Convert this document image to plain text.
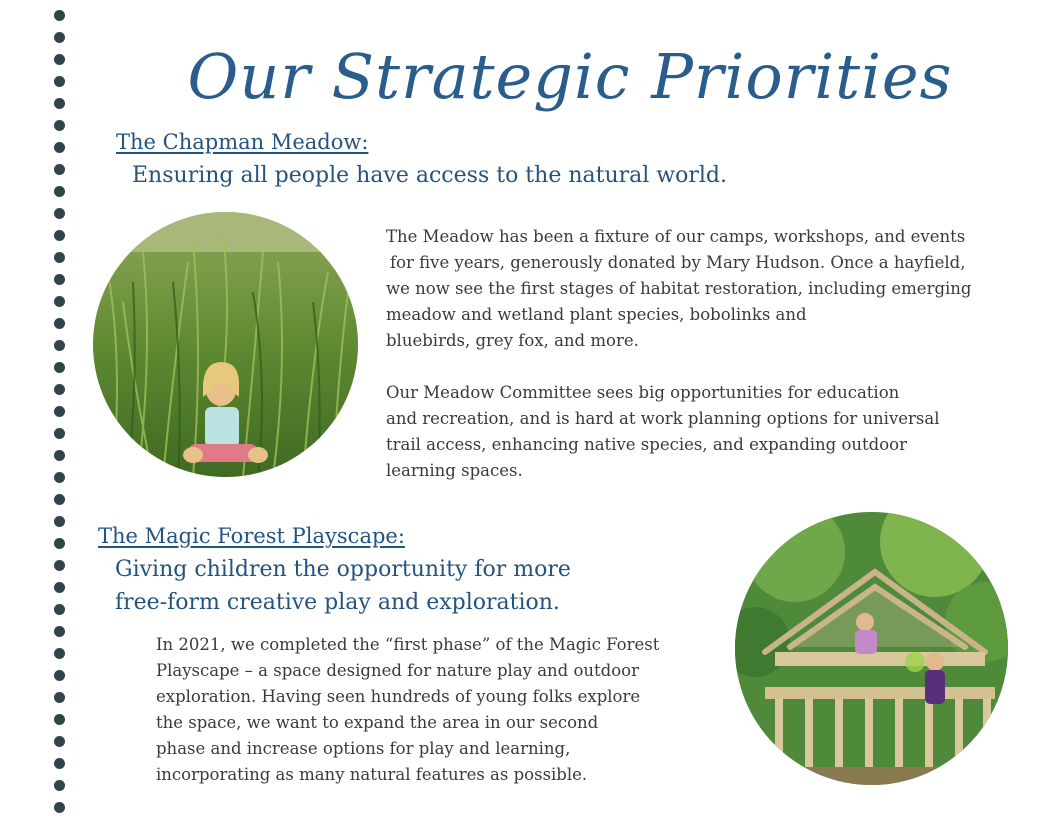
Our Strategic Priorities
The Chapman Meadow:
Ensuring all people have access to the natural world.

The Meadow has been a fixture of our camps, workshops, and events

for five years, generously donated by Mary Hudson. Once a hayfield,

we now see the first stages of habitat restoration, including emerging

meadow and wetland plant species, bobolinks and

bluebirds, grey fox, and more.

Our Meadow Committee sees big opportunities for education

and recreation, and is hard at work planning options for universal

trail access, enhancing native species, and expanding outdoor

learning spaces.

The Magic Forest Playscape:
Giving children the opportunity for more
free-form creative play and exploration.

In 2021, we completed the “first phase” of the Magic Forest

Playscape – a space designed for nature play and outdoor

exploration. Having seen hundreds of young folks explore

the space, we want to expand the area in our second

phase and increase options for play and learning,

incorporating as many natural features as possible.
